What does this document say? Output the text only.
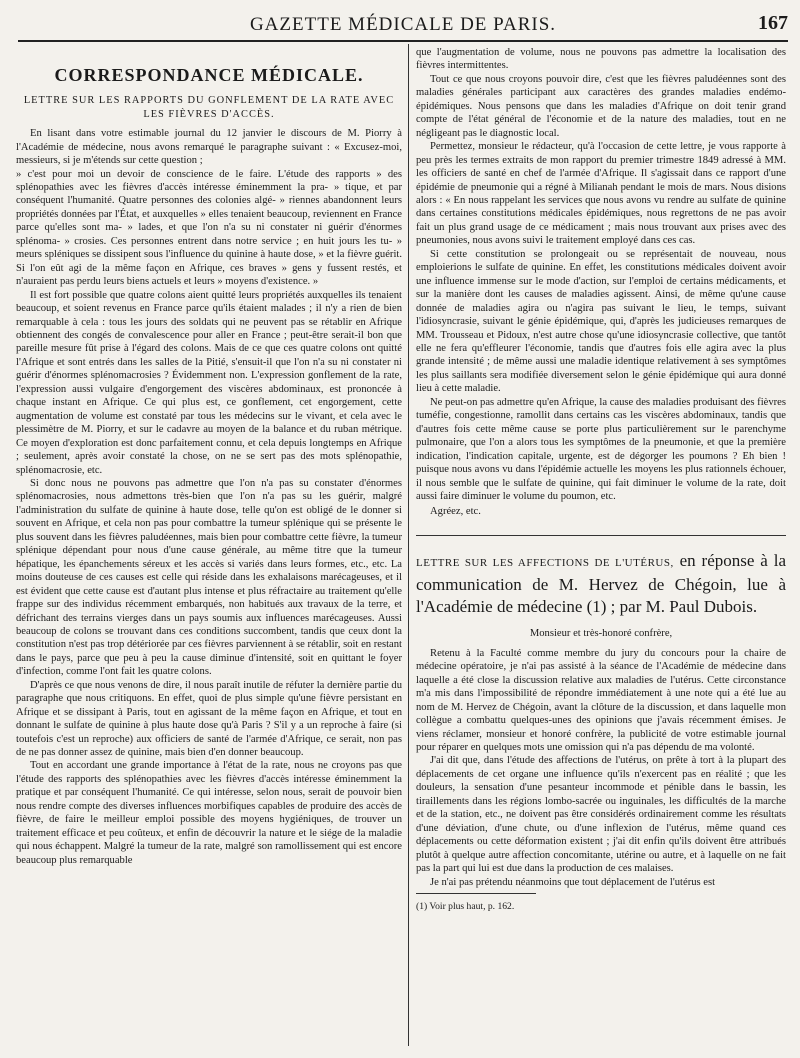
GAZETTE MÉDICALE DE PARIS.	167
CORRESPONDANCE MÉDICALE.
LETTRE SUR LES RAPPORTS DU GONFLEMENT DE LA RATE AVEC LES FIÈVRES D'ACCÈS.

En lisant dans votre estimable journal du 12 janvier le discours de M. Piorry à l'Académie de médecine, nous avons remarqué le paragraphe suivant : « Excusez-moi, messieurs, si je m'étends sur cette question ;

» c'est pour moi un devoir de conscience de le faire. L'étude des rapports » des splénopathies avec les fièvres d'accès intéresse éminemment la pra- » tique, et par conséquent l'humanité. Quatre personnes des colonies algé- » riennes abandonnent leurs propriétés données par l'État, et auxquelles » elles tenaient beaucoup, reviennent en France parce qu'elles sont ma- » lades, et que l'on n'a su ni constater ni guérir d'énormes splénoma- » crosies. Ces personnes entrent dans notre service ; en huit jours les tu- » meurs spléniques se dissipent sous l'influence du quinine à haute dose, » et la fièvre guérit. Si l'on eût agi de la même façon en Afrique, ces braves » gens y fussent restés, et n'auraient pas perdu leurs biens actuels et leurs » moyens d'existence. »

Il est fort possible que quatre colons aient quitté leurs propriétés auxquelles ils tenaient beaucoup, et soient revenus en France parce qu'ils étaient malades ; il n'y a rien de bien remarquable à cela : tous les jours des soldats qui ne peuvent pas se rétablir en Afrique obtiennent des congés de convalescence pour aller en France ; peut-être serait-il bon que pareille mesure fût prise à l'égard des colons. Mais de ce que ces quatre colons ont quitté l'Afrique et sont entrés dans les salles de la Pitié, s'ensuit-il que l'on n'a su ni constater ni guérir d'énormes splénomacrosies ? Évidemment non. L'expression gonflement de la rate, l'expression aussi vulgaire d'engorgement des viscères abdominaux, est prononcée à chaque instant en Afrique. Ce qui plus est, ce gonflement, cet engorgement, cette augmentation de volume est constaté par tous les médecins sur le vivant, et cela avec le plessimètre de M. Piorry, et sur le cadavre au moyen de la balance et du ruban métrique. Ce moyen d'exploration est donc parfaitement connu, et cela depuis longtemps en Afrique ; seulement, après avoir constaté la chose, on ne se sert pas des mots splénopathie, splénomacrosie, etc.

Si donc nous ne pouvons pas admettre que l'on n'a pas su constater d'énormes splénomacrosies, nous admettons très-bien que l'on n'a pas su les guérir, malgré l'administration du sulfate de quinine à haute dose, telle qu'on est obligé de le donner si souvent en Afrique, et cela non pas pour combattre la tumeur splénique qui se présente le plus souvent dans les fièvres paludéennes, mais bien pour combattre cette fièvre, la tumeur splénique dépendant pour nous d'une cause générale, au même titre que la tumeur hépatique, les épanchements séreux et les accès si variés dans leurs formes, etc., etc. La moins douteuse de ces causes est celle qui réside dans les exhalaisons marécageuses, et il est évident que cette cause est d'autant plus intense et plus réfractaire au traitement qu'elle frappe sur des individus récemment embarqués, non habitués aux travaux de la terre, et défrichant des terrains vierges dans un pays soumis aux influences marécageuses. Aussi beaucoup de colons se trouvant dans ces conditions succombent, tandis que ceux dont la constitution n'est pas trop détériorée par ces fièvres parviennent à se rétablir, soit en restant dans le pays, parce que peu à peu la cause diminue d'intensité, soit en quittant le foyer d'infection, comme l'ont fait les quatre colons.

D'après ce que nous venons de dire, il nous paraît inutile de réfuter la dernière partie du paragraphe que nous critiquons. En effet, quoi de plus simple qu'une fièvre persistant en Afrique et se dissipant à Paris, tout en agissant de la même façon en Afrique, et tout en donnant le sulfate de quinine à plus haute dose qu'à Paris ? S'il y a un reproche à faire (si toutefois c'est un reproche) aux officiers de santé de l'armée d'Afrique, ce serait, non pas de ne pas donner assez de quinine, mais bien d'en donner beaucoup.

Tout en accordant une grande importance à l'état de la rate, nous ne croyons pas que l'étude des rapports des splénopathies avec les fièvres d'accès intéresse éminemment la pratique et par conséquent l'humanité. Ce qui intéresse, selon nous, serait de pouvoir bien nous rendre compte des diverses influences morbifiques capables de produire des accès de fièvre, de faire le meilleur emploi possible des moyens hygiéniques, de trouver un traitement efficace et peu coûteux, et enfin de découvrir la nature et le siége de la maladie qui nous échappent. Malgré la tumeur de la rate, malgré son ramollissement qui est encore beaucoup plus remarquable

que l'augmentation de volume, nous ne pouvons pas admettre la localisation des fièvres intermittentes.

Tout ce que nous croyons pouvoir dire, c'est que les fièvres paludéennes sont des maladies générales participant aux caractères des grandes maladies endémo-épidémiques. Nous pensons que dans les maladies d'Afrique on doit tenir grand compte de l'état général de l'économie et de la nature des maladies, tout en ne négligeant pas le diagnostic local.

Permettez, monsieur le rédacteur, qu'à l'occasion de cette lettre, je vous rapporte à peu près les termes extraits de mon rapport du premier trimestre 1849 adressé à MM. les officiers de santé en chef de l'armée d'Afrique. Il s'agissait dans ce rapport d'une épidémie de pneumonie qui a régné à Milianah pendant le mois de mars. Nous disions alors : « En nous rappelant les services que nous avons vu rendre au sulfate de quinine dans certaines constitutions médicales épidémiques, nous regrettons de ne pas avoir fait un plus grand usage de ce médicament ; mais nous trouvant aux prises avec des pneumonies, nous avons suivi le traitement employé dans ces cas.

Si cette constitution se prolongeait ou se représentait de nouveau, nous emploierions le sulfate de quinine. En effet, les constitutions médicales doivent avoir une influence immense sur le mode d'action, sur l'emploi de certains médicaments, et sur la manière dont les causes de maladies agissent. Ainsi, de même qu'une cause donnée de maladies agira ou n'agira pas suivant le lieu, le temps, suivant l'idiosyncrasie, suivant le génie épidémique, qui, d'après les judicieuses remarques de MM. Trousseau et Pidoux, n'est autre chose qu'une idiosyncrasie collective, que tantôt elle ne fera qu'effleurer l'économie, tandis que d'autres fois elle agira avec la plus grande intensité ; de même aussi une maladie identique relativement à ses symptômes les plus saillants sera modifiée diversement selon le génie épidémique qui aura donné lieu à cette maladie.

Ne peut-on pas admettre qu'en Afrique, la cause des maladies produisant des fièvres tuméfie, congestionne, ramollit dans certains cas les viscères abdominaux, tandis que d'autres fois cette même cause se porte plus particulièrement sur le parenchyme pulmonaire, que l'on a alors tous les symptômes de la pneumonie, et que la première indication, l'indication capitale, urgente, est de dégorger les poumons ? Eh bien ! puisque nous avons vu dans l'épidémie actuelle les moyens les plus rationnels échouer, il nous semble que le sulfate de quinine, qui fait diminuer le volume de la rate, doit aussi faire diminuer le volume du poumon, etc.

Agréez, etc.

LETTRE SUR LES AFFECTIONS DE L'UTÉRUS, en réponse à la communication de M. Hervez de Chégoin, lue à l'Académie de médecine (1) ; par M. Paul Dubois.

Monsieur et très-honoré confrère,

Retenu à la Faculté comme membre du jury du concours pour la chaire de médecine opératoire, je n'ai pas assisté à la séance de l'Académie de médecine dans laquelle a été close la discussion relative aux maladies de l'utérus. Cette circonstance m'a mis dans l'impossibilité de répondre immédiatement à une note qui a été lue au nom de M. Hervez de Chégoin, avant la clôture de la discussion, et dans laquelle mon collègue a combattu quelques-unes des opinions que j'avais récemment émises. Je viens réclamer, monsieur et honoré confrère, la publicité de votre estimable journal pour réparer en quelques mots une omission qui n'a pas dépendu de ma volonté.

J'ai dit que, dans l'étude des affections de l'utérus, on prête à tort à la plupart des déplacements de cet organe une influence qu'ils n'exercent pas en réalité ; que les douleurs, la sensation d'une pesanteur incommode et pénible dans le bassin, les tiraillements dans les régions lombo-sacrée ou inguinales, les difficultés de la marche et de la station, etc., ne doivent pas être considérés ordinairement comme les résultats d'une déviation, d'une chute, ou d'une inflexion de l'utérus, même quand ces déplacements ou cette déformation existent ; j'ai dit enfin qu'ils doivent être attribués plutôt à quelque autre affection concomitante, utérine ou autre, et à laquelle on ne fait pas la part qui lui est due dans la production de ces malaises.

Je n'ai pas prétendu néanmoins que tout déplacement de l'utérus est

(1) Voir plus haut, p. 162.
